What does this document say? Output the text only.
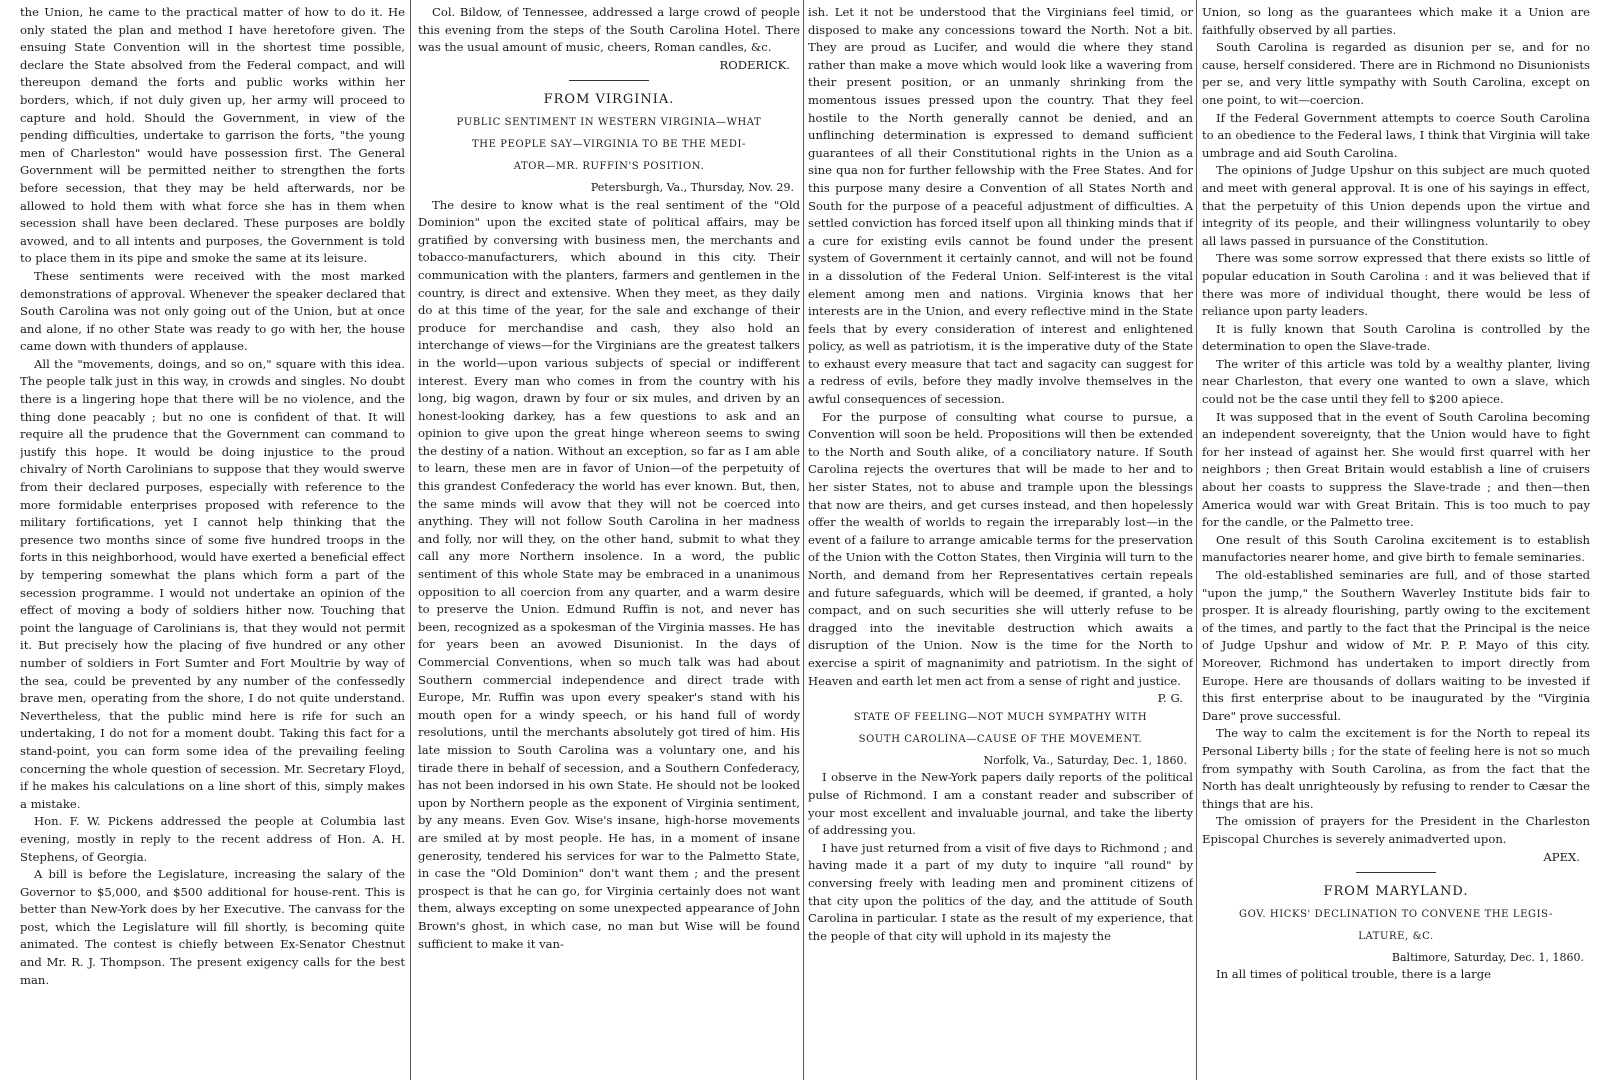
the Union, he came to the practical matter of how to do it. He only stated the plan and method I have heretofore given. The ensuing State Convention will in the shortest time possible, declare the State absolved from the Federal compact, and will thereupon demand the forts and public works within her borders, which, if not duly given up, her army will proceed to capture and hold. Should the Government, in view of the pending difficulties, undertake to garrison the forts, "the young men of Charleston" would have possession first. The General Government will be permitted neither to strengthen the forts before secession, that they may be held afterwards, nor be allowed to hold them with what force she has in them when secession shall have been declared. These purposes are boldly avowed, and to all intents and purposes, the Government is told to place them in its pipe and smoke the same at its leisure.

These sentiments were received with the most marked demonstrations of approval. Whenever the speaker declared that South Carolina was not only going out of the Union, but at once and alone, if no other State was ready to go with her, the house came down with thunders of applause.

All the "movements, doings, and so on," square with this idea. The people talk just in this way, in crowds and singles. No doubt there is a lingering hope that there will be no violence, and the thing done peacably ; but no one is confident of that. It will require all the prudence that the Government can command to justify this hope. It would be doing injustice to the proud chivalry of North Carolinians to suppose that they would swerve from their declared purposes, especially with reference to the more formidable enterprises proposed with reference to the military fortifications, yet I cannot help thinking that the presence two months since of some five hundred troops in the forts in this neighborhood, would have exerted a beneficial effect by tempering somewhat the plans which form a part of the secession programme. I would not undertake an opinion of the effect of moving a body of soldiers hither now. Touching that point the language of Carolinians is, that they would not permit it. But precisely how the placing of five hundred or any other number of soldiers in Fort Sumter and Fort Moultrie by way of the sea, could be prevented by any number of the confessedly brave men, operating from the shore, I do not quite understand. Nevertheless, that the public mind here is rife for such an undertaking, I do not for a moment doubt. Taking this fact for a stand-point, you can form some idea of the prevailing feeling concerning the whole question of secession. Mr. Secretary Floyd, if he makes his calculations on a line short of this, simply makes a mistake.

Hon. F. W. Pickens addressed the people at Columbia last evening, mostly in reply to the recent address of Hon. A. H. Stephens, of Georgia.

A bill is before the Legislature, increasing the salary of the Governor to $5,000, and $500 additional for house-rent. This is better than New-York does by her Executive. The canvass for the post, which the Legislature will fill shortly, is becoming quite animated. The contest is chiefly between Ex-Senator Chestnut and Mr. R. J. Thompson. The present exigency calls for the best man.

Col. Bildow, of Tennessee, addressed a large crowd of people this evening from the steps of the South Carolina Hotel. There was the usual amount of music, cheers, Roman candles, &c.

RODERICK.

FROM VIRGINIA.
PUBLIC SENTIMENT IN WESTERN VIRGINIA—WHAT
THE PEOPLE SAY—VIRGINIA TO BE THE MEDI-
ATOR—MR. RUFFIN'S POSITION.

Petersburgh, Va., Thursday, Nov. 29.

The desire to know what is the real sentiment of the "Old Dominion" upon the excited state of political affairs, may be gratified by conversing with business men, the merchants and tobacco-manufacturers, which abound in this city. Their communication with the planters, farmers and gentlemen in the country, is direct and extensive. When they meet, as they daily do at this time of the year, for the sale and exchange of their produce for merchandise and cash, they also hold an interchange of views—for the Virginians are the greatest talkers in the world—upon various subjects of special or indifferent interest. Every man who comes in from the country with his long, big wagon, drawn by four or six mules, and driven by an honest-looking darkey, has a few questions to ask and an opinion to give upon the great hinge whereon seems to swing the destiny of a nation. Without an exception, so far as I am able to learn, these men are in favor of Union—of the perpetuity of this grandest Confederacy the world has ever known. But, then, the same minds will avow that they will not be coerced into anything. They will not follow South Carolina in her madness and folly, nor will they, on the other hand, submit to what they call any more Northern insolence. In a word, the public sentiment of this whole State may be embraced in a unanimous opposition to all coercion from any quarter, and a warm desire to preserve the Union. Edmund Ruffin is not, and never has been, recognized as a spokesman of the Virginia masses. He has for years been an avowed Disunionist. In the days of Commercial Conventions, when so much talk was had about Southern commercial independence and direct trade with Europe, Mr. Ruffin was upon every speaker's stand with his mouth open for a windy speech, or his hand full of wordy resolutions, until the merchants absolutely got tired of him. His late mission to South Carolina was a voluntary one, and his tirade there in behalf of secession, and a Southern Confederacy, has not been indorsed in his own State. He should not be looked upon by Northern people as the exponent of Virginia sentiment, by any means. Even Gov. Wise's insane, high-horse movements are smiled at by most people. He has, in a moment of insane generosity, tendered his services for war to the Palmetto State, in case the "Old Dominion" don't want them ; and the present prospect is that he can go, for Virginia certainly does not want them, always excepting on some unexpected appearance of John Brown's ghost, in which case, no man but Wise will be found sufficient to make it van-

ish. Let it not be understood that the Virginians feel timid, or disposed to make any concessions toward the North. Not a bit. They are proud as Lucifer, and would die where they stand rather than make a move which would look like a wavering from their present position, or an unmanly shrinking from the momentous issues pressed upon the country. That they feel hostile to the North generally cannot be denied, and an unflinching determination is expressed to demand sufficient guarantees of all their Constitutional rights in the Union as a sine qua non for further fellowship with the Free States. And for this purpose many desire a Convention of all States North and South for the purpose of a peaceful adjustment of difficulties. A settled conviction has forced itself upon all thinking minds that if a cure for existing evils cannot be found under the present system of Government it certainly cannot, and will not be found in a dissolution of the Federal Union. Self-interest is the vital element among men and nations. Virginia knows that her interests are in the Union, and every reflective mind in the State feels that by every consideration of interest and enlightened policy, as well as patriotism, it is the imperative duty of the State to exhaust every measure that tact and sagacity can suggest for a redress of evils, before they madly involve themselves in the awful consequences of secession.

For the purpose of consulting what course to pursue, a Convention will soon be held. Propositions will then be extended to the North and South alike, of a conciliatory nature. If South Carolina rejects the overtures that will be made to her and to her sister States, not to abuse and trample upon the blessings that now are theirs, and get curses instead, and then hopelessly offer the wealth of worlds to regain the irreparably lost—in the event of a failure to arrange amicable terms for the preservation of the Union with the Cotton States, then Virginia will turn to the North, and demand from her Representatives certain repeals and future safeguards, which will be deemed, if granted, a holy compact, and on such securities she will utterly refuse to be dragged into the inevitable destruction which awaits a disruption of the Union. Now is the time for the North to exercise a spirit of magnanimity and patriotism. In the sight of Heaven and earth let men act from a sense of right and justice.

P. G.

STATE OF FEELING—NOT MUCH SYMPATHY WITH
SOUTH CAROLINA—CAUSE OF THE MOVEMENT.

Norfolk, Va., Saturday, Dec. 1, 1860.

I observe in the New-York papers daily reports of the political pulse of Richmond. I am a constant reader and subscriber of your most excellent and invaluable journal, and take the liberty of addressing you.

I have just returned from a visit of five days to Richmond ; and having made it a part of my duty to inquire "all round" by conversing freely with leading men and prominent citizens of that city upon the politics of the day, and the attitude of South Carolina in particular. I state as the result of my experience, that the people of that city will uphold in its majesty the

Union, so long as the guarantees which make it a Union are faithfully observed by all parties.

South Carolina is regarded as disunion per se, and for no cause, herself considered. There are in Richmond no Disunionists per se, and very little sympathy with South Carolina, except on one point, to wit—coercion.

If the Federal Government attempts to coerce South Carolina to an obedience to the Federal laws, I think that Virginia will take umbrage and aid South Carolina.

The opinions of Judge Upshur on this subject are much quoted and meet with general approval. It is one of his sayings in effect, that the perpetuity of this Union depends upon the virtue and integrity of its people, and their willingness voluntarily to obey all laws passed in pursuance of the Constitution.

There was some sorrow expressed that there exists so little of popular education in South Carolina : and it was believed that if there was more of individual thought, there would be less of reliance upon party leaders.

It is fully known that South Carolina is controlled by the determination to open the Slave-trade.

The writer of this article was told by a wealthy planter, living near Charleston, that every one wanted to own a slave, which could not be the case until they fell to $200 apiece.

It was supposed that in the event of South Carolina becoming an independent sovereignty, that the Union would have to fight for her instead of against her. She would first quarrel with her neighbors ; then Great Britain would establish a line of cruisers about her coasts to suppress the Slave-trade ; and then—then America would war with Great Britain. This is too much to pay for the candle, or the Palmetto tree.

One result of this South Carolina excitement is to establish manufactories nearer home, and give birth to female seminaries.

The old-established seminaries are full, and of those started "upon the jump," the Southern Waverley Institute bids fair to prosper. It is already flourishing, partly owing to the excitement of the times, and partly to the fact that the Principal is the neice of Judge Upshur and widow of Mr. P. P. Mayo of this city. Moreover, Richmond has undertaken to import directly from Europe. Here are thousands of dollars waiting to be invested if this first enterprise about to be inaugurated by the "Virginia Dare" prove successful.

The way to calm the excitement is for the North to repeal its Personal Liberty bills ; for the state of feeling here is not so much from sympathy with South Carolina, as from the fact that the North has dealt unrighteously by refusing to render to Cæsar the things that are his.

The omission of prayers for the President in the Charleston Episcopal Churches is severely animadverted upon.

APEX.

FROM MARYLAND.
GOV. HICKS' DECLINATION TO CONVENE THE LEGIS-
LATURE, &C.

Baltimore, Saturday, Dec. 1, 1860.

In all times of political trouble, there is a large
